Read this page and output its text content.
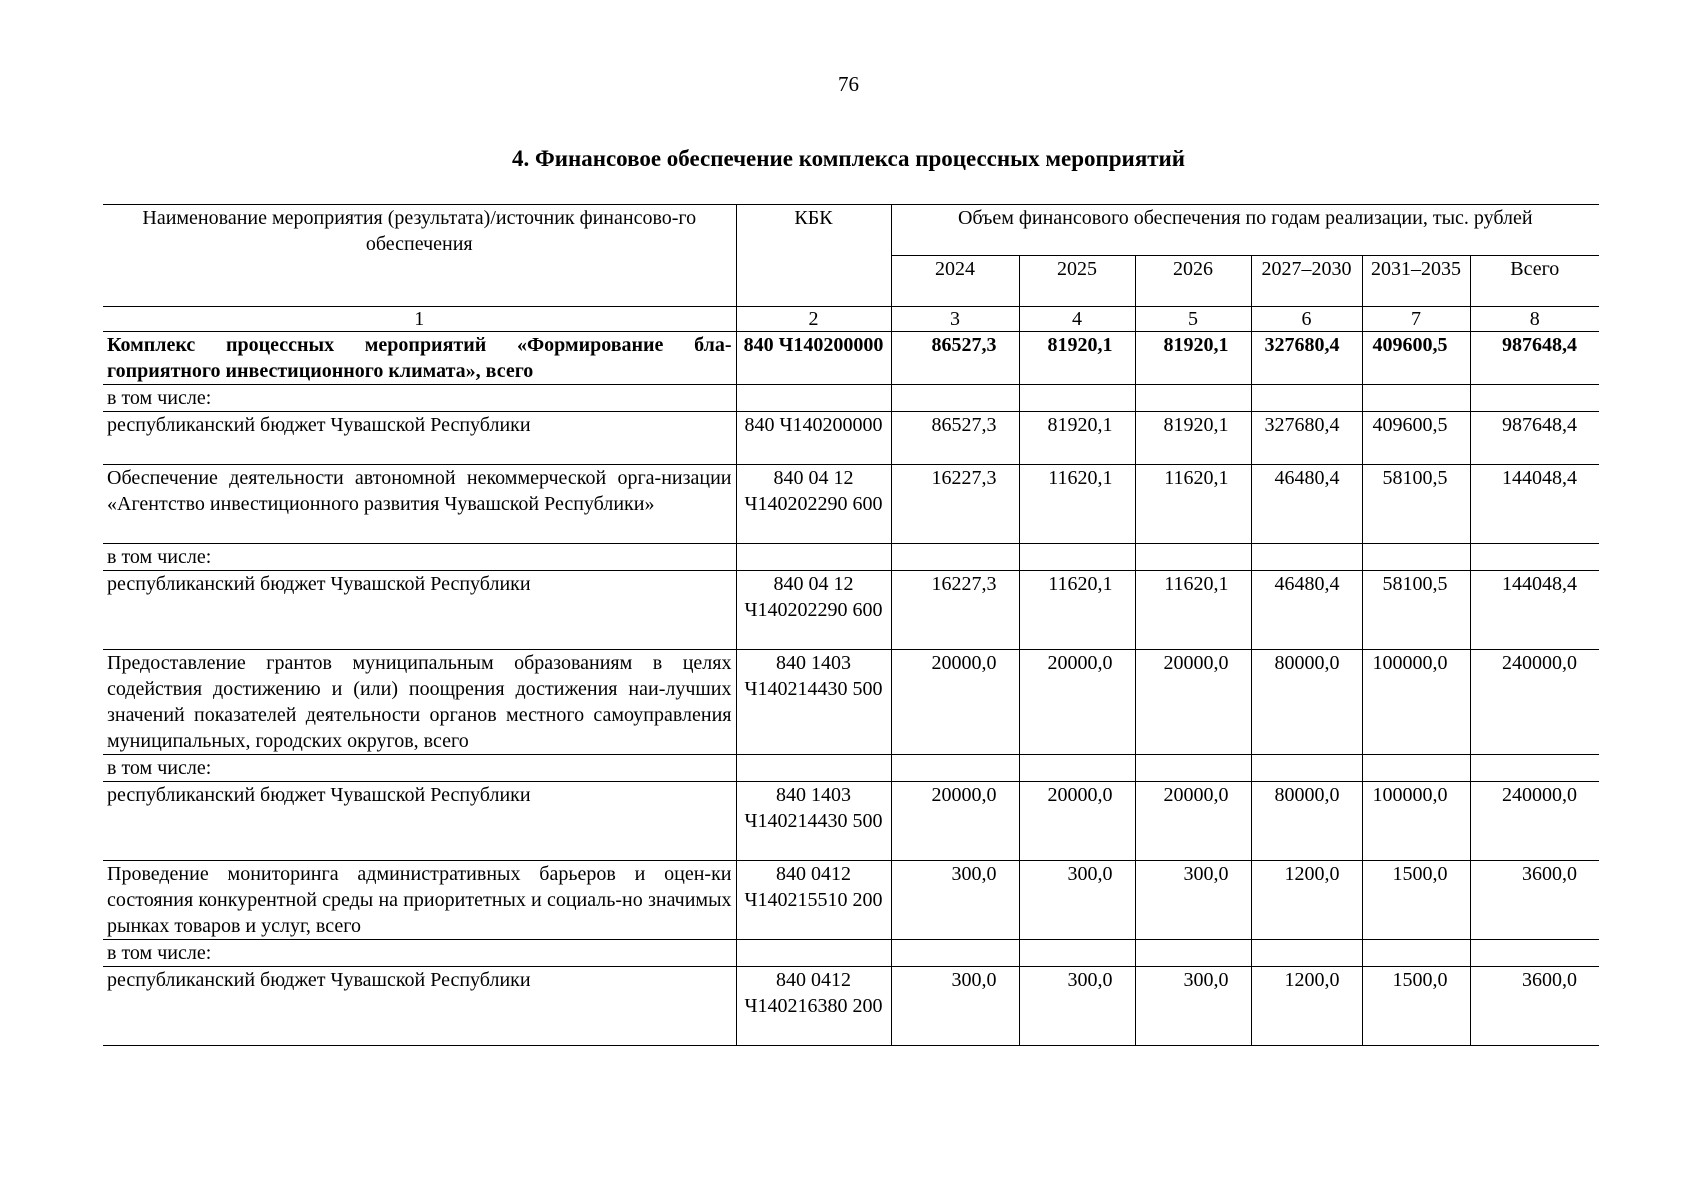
76
4. Финансовое обеспечение комплекса процессных мероприятий
Наименование мероприятия (результата)/источник финансово-го обеспечения	КБК	Объем финансового обеспечения по годам реализации, тыс. рублей					
		2024	2025	2026	2027–2030	2031–2035	Всего
1	2	3	4	5	6	7	8
Комплекс процессных мероприятий «Формирование бла-гоприятного инвестиционного климата», всего	840 Ч140200000	86527,3	81920,1	81920,1	327680,4	409600,5	987648,4
в том числе:							
республиканский бюджет Чувашской Республики	840 Ч140200000	86527,3	81920,1	81920,1	327680,4	409600,5	987648,4
Обеспечение деятельности автономной некоммерческой орга-низации «Агентство инвестиционного развития Чувашской Республики»	840 04 12 Ч140202290 600	16227,3	11620,1	11620,1	46480,4	58100,5	144048,4
в том числе:							
республиканский бюджет Чувашской Республики	840 04 12 Ч140202290 600	16227,3	11620,1	11620,1	46480,4	58100,5	144048,4
Предоставление грантов муниципальным образованиям в целях содействия достижению и (или) поощрения достижения наи-лучших значений показателей деятельности органов местного самоуправления муниципальных, городских округов, всего	840 1403 Ч140214430 500	20000,0	20000,0	20000,0	80000,0	100000,0	240000,0
в том числе:							
республиканский бюджет Чувашской Республики	840 1403 Ч140214430 500	20000,0	20000,0	20000,0	80000,0	100000,0	240000,0
Проведение мониторинга административных барьеров и оцен-ки состояния конкурентной среды на приоритетных и социаль-но значимых рынках товаров и услуг, всего	840 0412 Ч140215510 200	300,0	300,0	300,0	1200,0	1500,0	3600,0
в том числе:							
республиканский бюджет Чувашской Республики	840 0412 Ч140216380 200	300,0	300,0	300,0	1200,0	1500,0	3600,0
